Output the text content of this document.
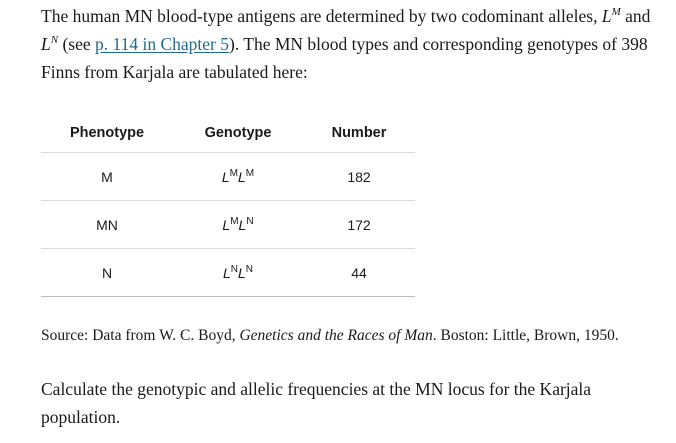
The human MN blood-type antigens are determined by two codominant alleles, $L^M$ and $L^N$ (see p. 114 in Chapter 5). The MN blood types and corresponding genotypes of 398 Finns from Karjala are tabulated here:

Phenotype	Genotype	Number
M	$L^ML^M$	182
MN	$L^ML^N$	172
N	$L^NL^N$	44

Source: Data from W. C. Boyd, Genetics and the Races of Man. Boston: Little, Brown, 1950.

Calculate the genotypic and allelic frequencies at the MN locus for the Karjala population.
